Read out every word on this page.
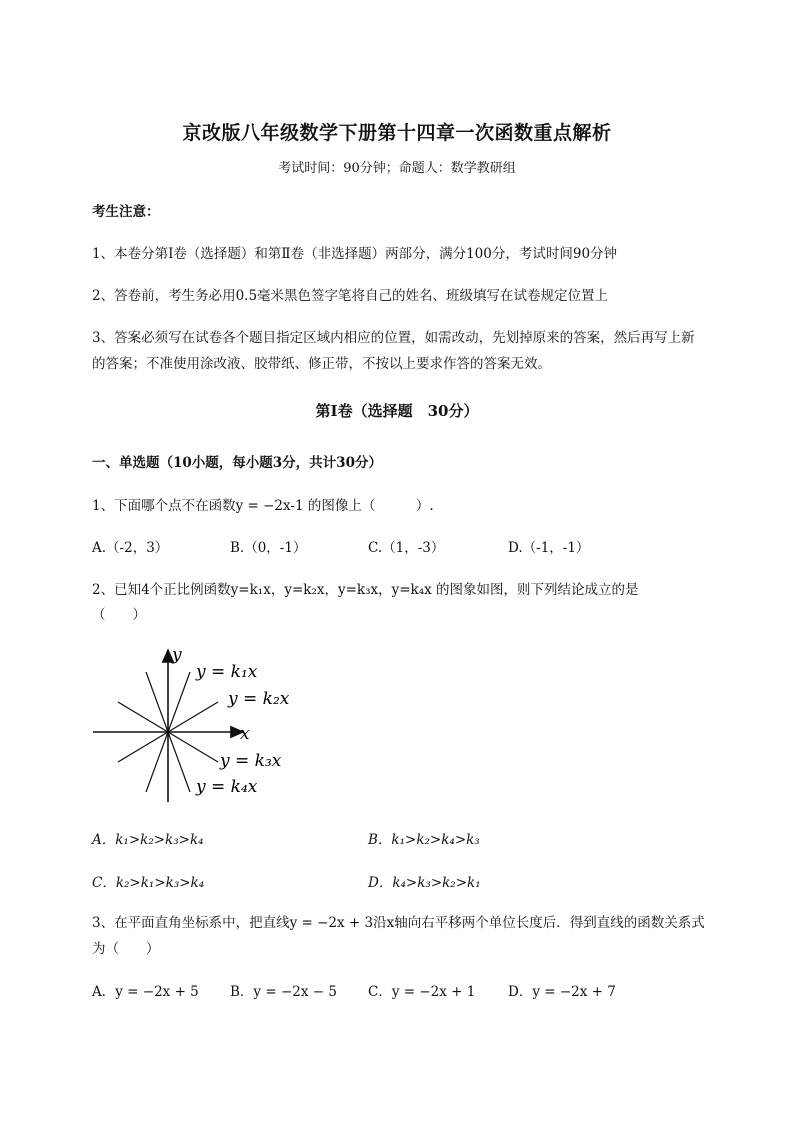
京改版八年级数学下册第十四章一次函数重点解析
考试时间：90分钟；命题人：数学教研组
考生注意：
1、本卷分第Ⅰ卷（选择题）和第Ⅱ卷（非选择题）两部分，满分100分，考试时间90分钟
2、答卷前，考生务必用0.5毫米黑色签字笔将自己的姓名、班级填写在试卷规定位置上
3、答案必须写在试卷各个题目指定区域内相应的位置，如需改动，先划掉原来的答案，然后再写上新
的答案；不准使用涂改液、胶带纸、修正带，不按以上要求作答的答案无效。
第Ⅰ卷（选择题　30分）
一、单选题（10小题，每小题3分，共计30分）
1、下面哪个点不在函数y = −2x-1 的图像上（　　　）.
A.（-2，3）	B.（0，-1）	C.（1，-3）	D.（-1，-1）
2、已知4个正比例函数y=k₁x，y=k₂x，y=k₃x，y=k₄x 的图象如图，则下列结论成立的是
（　　）
y
x
y = k₁x
y = k₂x
y = k₃x
y = k₄x
A．k₁>k₂>k₃>k₄	B．k₁>k₂>k₄>k₃
C．k₂>k₁>k₃>k₄	D．k₄>k₃>k₂>k₁
3、在平面直角坐标系中，把直线y = −2x + 3沿x轴向右平移两个单位长度后．得到直线的函数关系式
为（　　）
A．y = −2x + 5 B．y = −2x − 5 C．y = −2x + 1 D．y = −2x + 7
